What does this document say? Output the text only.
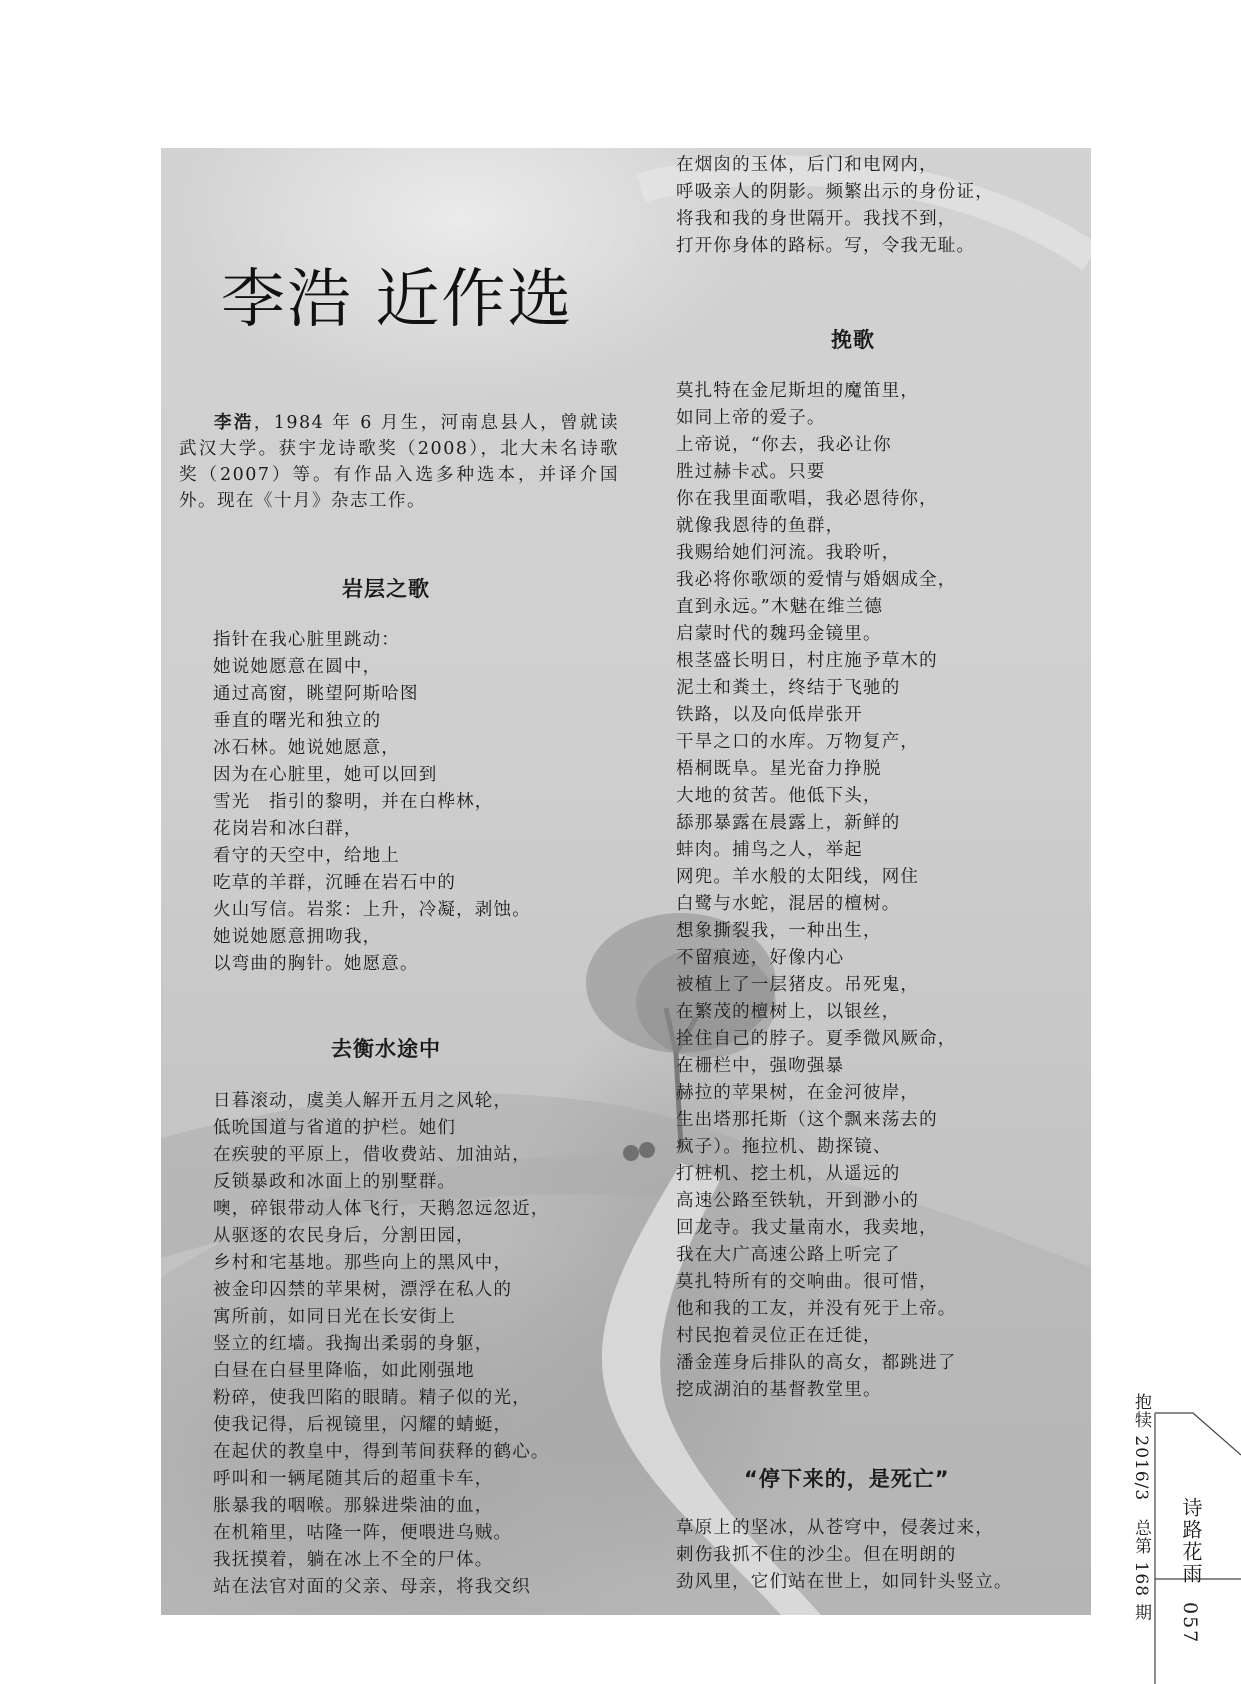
李浩 近作选
李浩，1984 年 6 月生，河南息县人，曾就读武汉大学。获宇龙诗歌奖（2008），北大未名诗歌奖（2007）等。有作品入选多种选本，并译介国外。现在《十月》杂志工作。
岩层之歌
指针在我心脏里跳动：
她说她愿意在圆中，
通过高窗，眺望阿斯哈图
垂直的曙光和独立的
冰石林。她说她愿意，
因为在心脏里，她可以回到
雪光　指引的黎明，并在白桦林，
花岗岩和冰臼群，
看守的天空中，给地上
吃草的羊群，沉睡在岩石中的
火山写信。岩浆：上升，冷凝，剥蚀。
她说她愿意拥吻我，
以弯曲的胸针。她愿意。
去衡水途中
日暮滚动，虞美人解开五月之风轮，
低吮国道与省道的护栏。她们
在疾驶的平原上，借收费站、加油站，
反锁暴政和冰面上的别墅群。
噢，碎银带动人体飞行，天鹅忽远忽近，
从驱逐的农民身后，分割田园，
乡村和宅基地。那些向上的黑风中，
被金印囚禁的苹果树，漂浮在私人的
寓所前，如同日光在长安街上
竖立的红墙。我掏出柔弱的身躯，
白昼在白昼里降临，如此刚强地
粉碎，使我凹陷的眼睛。精子似的光，
使我记得，后视镜里，闪耀的蜻蜓，
在起伏的教皇中，得到苇间获释的鹤心。
呼叫和一辆尾随其后的超重卡车，
胀暴我的咽喉。那躲进柴油的血，
在机箱里，咕隆一阵，便喂进乌贼。
我抚摸着，躺在冰上不全的尸体。
站在法官对面的父亲、母亲，将我交织
在烟囱的玉体，后门和电网内，
呼吸亲人的阴影。频繁出示的身份证，
将我和我的身世隔开。我找不到，
打开你身体的路标。写，令我无耻。
挽歌
莫扎特在金尼斯坦的魔笛里，
如同上帝的爱子。
上帝说，“你去，我必让你
胜过赫卡忒。只要
你在我里面歌唱，我必恩待你，
就像我恩待的鱼群，
我赐给她们河流。我聆听，
我必将你歌颂的爱情与婚姻成全，
直到永远。”木魅在维兰德
启蒙时代的魏玛金镜里。
根茎盛长明日，村庄施予草木的
泥土和粪土，终结于飞驰的
铁路，以及向低岸张开
干旱之口的水库。万物复产，
梧桐既阜。星光奋力挣脱
大地的贫苦。他低下头，
舔那暴露在晨露上，新鲜的
蚌肉。捕鸟之人，举起
网兜。羊水般的太阳线，网住
白鹭与水蛇，混居的檀树。
想象撕裂我，一种出生，
不留痕迹，好像内心
被植上了一层猪皮。吊死鬼，
在繁茂的檀树上，以银丝，
拴住自己的脖子。夏季微风厥命，
在栅栏中，强吻强暴
赫拉的苹果树，在金河彼岸，
生出塔那托斯（这个飘来荡去的
疯子）。拖拉机、勘探镜、
打桩机、挖土机，从遥远的
高速公路至铁轨，开到渺小的
回龙寺。我丈量南水，我卖地，
我在大广高速公路上听完了
莫扎特所有的交响曲。很可惜，
他和我的工友，并没有死于上帝。
村民抱着灵位正在迁徙，
潘金莲身后排队的高女，都跳进了
挖成湖泊的基督教堂里。
“停下来的，是死亡”
草原上的坚冰，从苍穹中，侵袭过来，
刺伤我抓不住的沙尘。但在明朗的
劲风里，它们站在世上，如同针头竖立。	抱犊 2016/3　总第 168 期 诗路花雨
057
